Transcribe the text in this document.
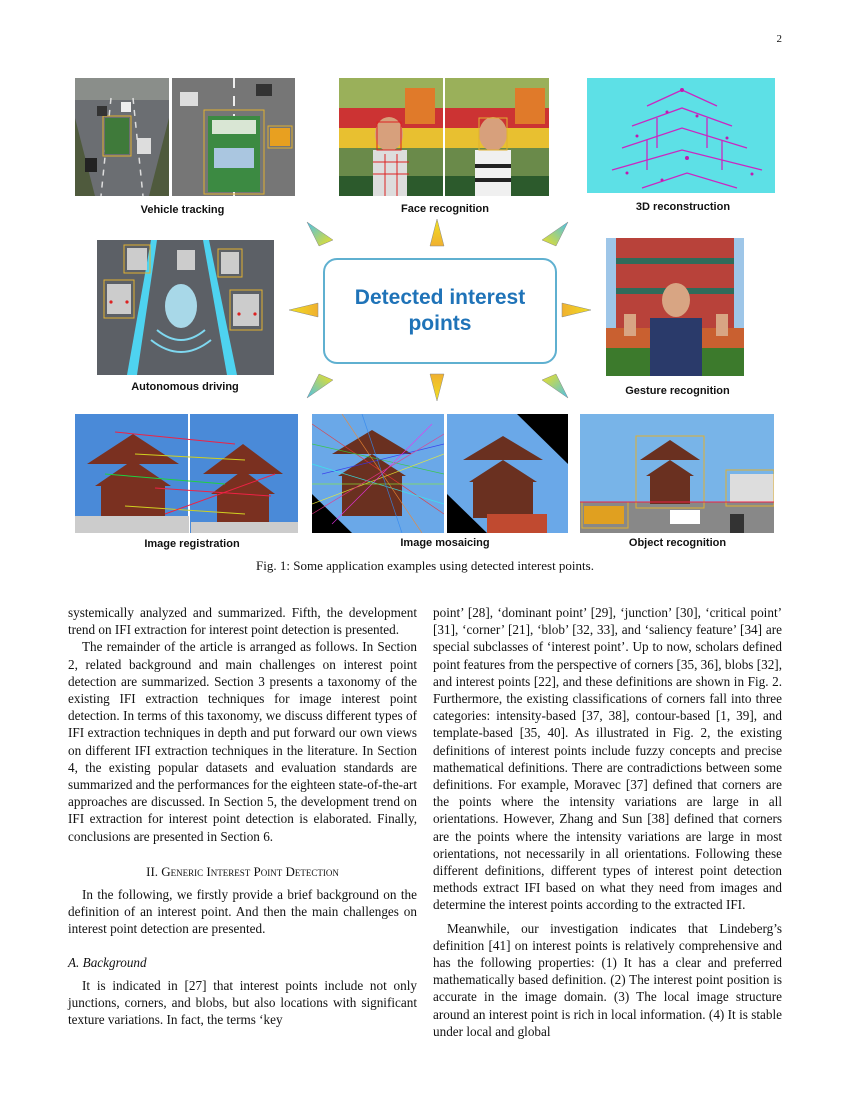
2
Vehicle tracking	Face recognition	3D reconstruction
Autonomous driving
Detected interest
points
Gesture recognition
Image registration	Image mosaicing	Object recognition
Fig. 1: Some application examples using detected interest points.

systemically analyzed and summarized. Fifth, the development trend on IFI extraction for interest point detection is presented.

The remainder of the article is arranged as follows. In Section 2, related background and main challenges on interest point detection are summarized. Section 3 presents a taxonomy of the existing IFI extraction techniques for image interest point detection. In terms of this taxonomy, we discuss different types of IFI extraction techniques in depth and put forward our own views on different IFI extraction techniques in the literature. In Section 4, the existing popular datasets and evaluation standards are summarized and the performances for the eighteen state-of-the-art approaches are discussed. In Section 5, the development trend on IFI extraction for interest point detection is elaborated. Finally, conclusions are presented in Section 6.

II. Generic Interest Point Detection

In the following, we firstly provide a brief background on the definition of an interest point. And then the main challenges on interest point detection are presented.

A. Background

It is indicated in [27] that interest points include not only junctions, corners, and blobs, but also locations with significant texture variations. In fact, the terms ‘key

point’ [28], ‘dominant point’ [29], ‘junction’ [30], ‘critical point’ [31], ‘corner’ [21], ‘blob’ [32, 33], and ‘saliency feature’ [34] are special subclasses of ‘interest point’. Up to now, scholars defined point features from the perspective of corners [35, 36], blobs [32], and interest points [22], and these definitions are shown in Fig. 2. Furthermore, the existing classifications of corners fall into three categories: intensity-based [37, 38], contour-based [1, 39], and template-based [35, 40]. As illustrated in Fig. 2, the existing definitions of interest points include fuzzy concepts and precise mathematical definitions. There are contradictions between some definitions. For example, Moravec [37] defined that corners are the points where the intensity variations are large in all orientations. However, Zhang and Sun [38] defined that corners are the points where the intensity variations are large in most orientations, not necessarily in all orientations. Following these different definitions, different types of interest point detection methods extract IFI based on what they need from images and determine the interest points according to the extracted IFI.

Meanwhile, our investigation indicates that Lindeberg’s definition [41] on interest points is relatively comprehensive and has the following properties: (1) It has a clear and preferred mathematically based definition. (2) The interest point position is accurate in the image domain. (3) The local image structure around an interest point is rich in local information. (4) It is stable under local and global
